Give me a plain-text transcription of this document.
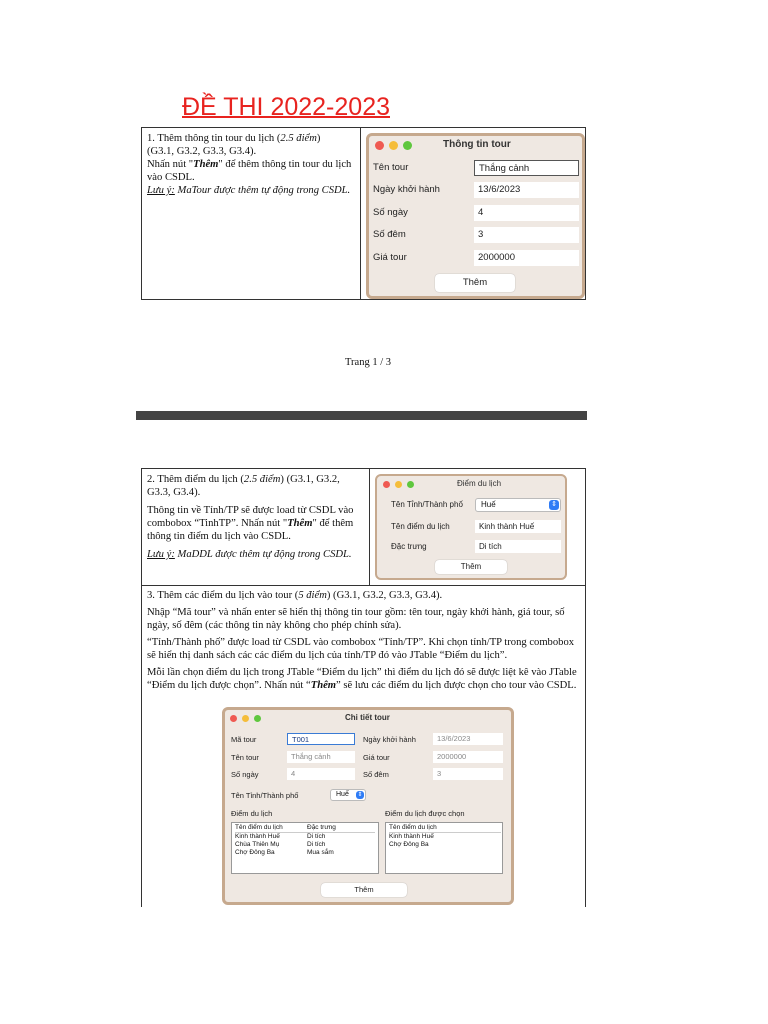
ĐỀ THI 2022-2023

1. Thêm thông tin tour du lịch (2.5 điểm)
(G3.1, G3.2, G3.3, G3.4).

Nhấn nút "Thêm" để thêm thông tin tour du lịch vào CSDL.

Lưu ý: MaTour được thêm tự động trong CSDL.

Thông tin tour
Tên tour	Thắng cảnh
Ngày khởi hành	13/6/2023
Số ngày	4
Số đêm	3
Giá tour	2000000
Thêm
Trang 1 / 3

2. Thêm điểm du lịch (2.5 điểm) (G3.1, G3.2, G3.3, G3.4).

Thông tin về Tỉnh/TP sẽ được load từ CSDL vào combobox “TinhTP”. Nhấn nút "Thêm" để thêm thông tin điểm du lịch vào CSDL.

Lưu ý: MaDDL được thêm tự động trong CSDL.

Điểm du lịch
Tên Tỉnh/Thành phố	Huế	⇕
Tên điểm du lịch	Kinh thành Huế
Đặc trưng	Di tích
Thêm

3. Thêm các điểm du lịch vào tour (5 điểm) (G3.1, G3.2, G3.3, G3.4).

Nhập “Mã tour” và nhấn enter sẽ hiển thị thông tin tour gồm: tên tour, ngày khởi hành, giá tour, số ngày, số đêm (các thông tin này không cho phép chỉnh sửa).

“Tỉnh/Thành phố” được load từ CSDL vào combobox “Tỉnh/TP”. Khi chọn tỉnh/TP trong combobox sẽ hiển thị danh sách các các điểm du lịch của tỉnh/TP đó vào JTable “Điểm du lịch”.

Mỗi lần chọn điểm du lịch trong JTable “Điểm du lịch” thì điểm du lịch đó sẽ được liệt kê vào JTable “Điểm du lịch được chọn”. Nhấn nút “Thêm” sẽ lưu các điểm du lịch được chọn cho tour vào CSDL.

Chi tiết tour
Mã tour	T001	Ngày khởi hành	13/6/2023
Tên tour	Thắng cảnh	Giá tour	2000000
Số ngày	4	Số đêm	3
Tên Tỉnh/Thành phố	Huế ⇕
Điểm du lịch	Điểm du lịch được chọn
Tên điểm du lịch	Đặc trưng
Kinh thành Huế	Di tích
Chùa Thiên Mụ	Di tích
Chợ Đông Ba	Mua sắm
Tên điểm du lịch
Kinh thành Huế
Chợ Đông Ba
Thêm
